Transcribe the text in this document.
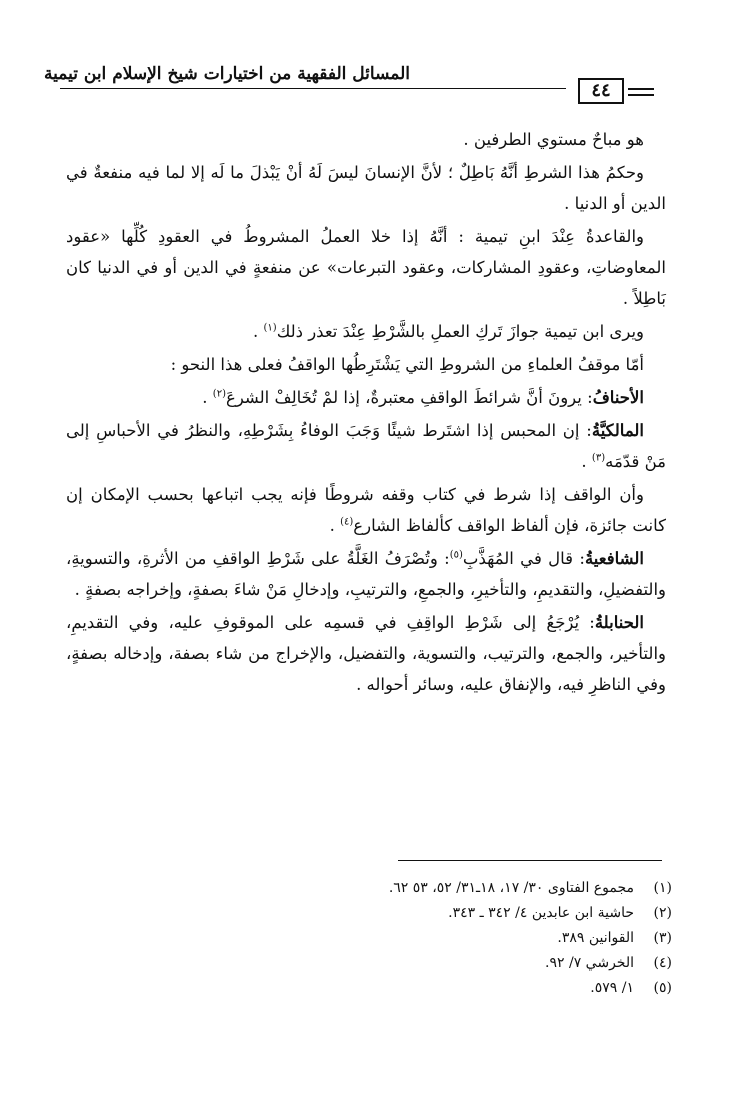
المسائل الفقهية من اختيارات شيخ الإسلام ابن تيمية
٤٤

هو مباحٌ مستوي الطرفين .

وحكمُ هذا الشرطِ أنَّهُ بَاطِلٌ ؛ لأنَّ الإنسانَ ليسَ لَهُ أنْ يَبْذلَ ما لَه إلا لما فيه منفعةٌ في الدين أو الدنيا .

والقاعدةُ عِنْدَ ابنِ تيمية : أنَّهُ إذا خلا العملُ المشروطُ في العقودِ كُلِّها «عقود المعاوضاتِ، وعقودِ المشاركات، وعقود التبرعات» عن منفعةٍ في الدين أو في الدنيا كان بَاطِلاً .

ويرى ابن تيمية جوازَ تَركِ العملِ بالشَّرْطِ عِنْدَ تعذر ذلك$^{(١)}$ .

أمّا موقفُ العلماءِ من الشروطِ التي يَشْتَرِطُها الواقفُ فعلى هذا النحو :

الأحنافُ: يرونَ أنَّ شرائطَ الواقفِ معتبرةٌ، إذا لمْ تُخَالِفْ الشرعَ$^{(٢)}$ .

المالكيَّةُ: إن المحبس إذا اشتَرط شيئًا وَجَبَ الوفاءُ بِشَرْطِهِ، والنظرُ في الأحباسِ إلى مَنْ قدّمَه$^{(٣)}$ .

وأن الواقف إذا شرط في كتاب وقفه شروطًا فإنه يجب اتباعها بحسب الإمكان إن كانت جائزة، فإن ألفاظ الواقف كألفاظ الشارع$^{(٤)}$ .

الشافعيةُ: قال في المُهَذَّبِ$^{(٥)}$: وتُصْرَفُ الغَلَّةُ على شَرْطِ الواقفِ من الأثرةِ، والتسويةِ، والتفضيلِ، والتقديمِ، والتأخيرِ، والجمعِ، والترتيبِ، وإدخالِ مَنْ شاءَ بصفةٍ، وإخراجه بصفةٍ .

الحنابلةُ: يُرْجَعُ إلى شَرْطِ الواقِفِ في قسمِه على الموقوفِ عليه، وفي التقديمِ، والتأخير، والجمع، والترتيب، والتسوية، والتفضيل، والإخراج من شاء بصفة، وإدخاله بصفةٍ، وفي الناظرِ فيه، والإنفاق عليه، وسائر أحواله .

(١)
مجموع الفتاوى ٣٠/ ١٧، ١٨ـ٣١/ ٥٢، ٥٣ ٦٢.
(٢)
حاشية ابن عابدين ٤/ ٣٤٢ ـ ٣٤٣.
(٣)
القوانين ٣٨٩.
(٤)
الخرشي ٧/ ٩٢.
(٥)
١/ ٥٧٩.
